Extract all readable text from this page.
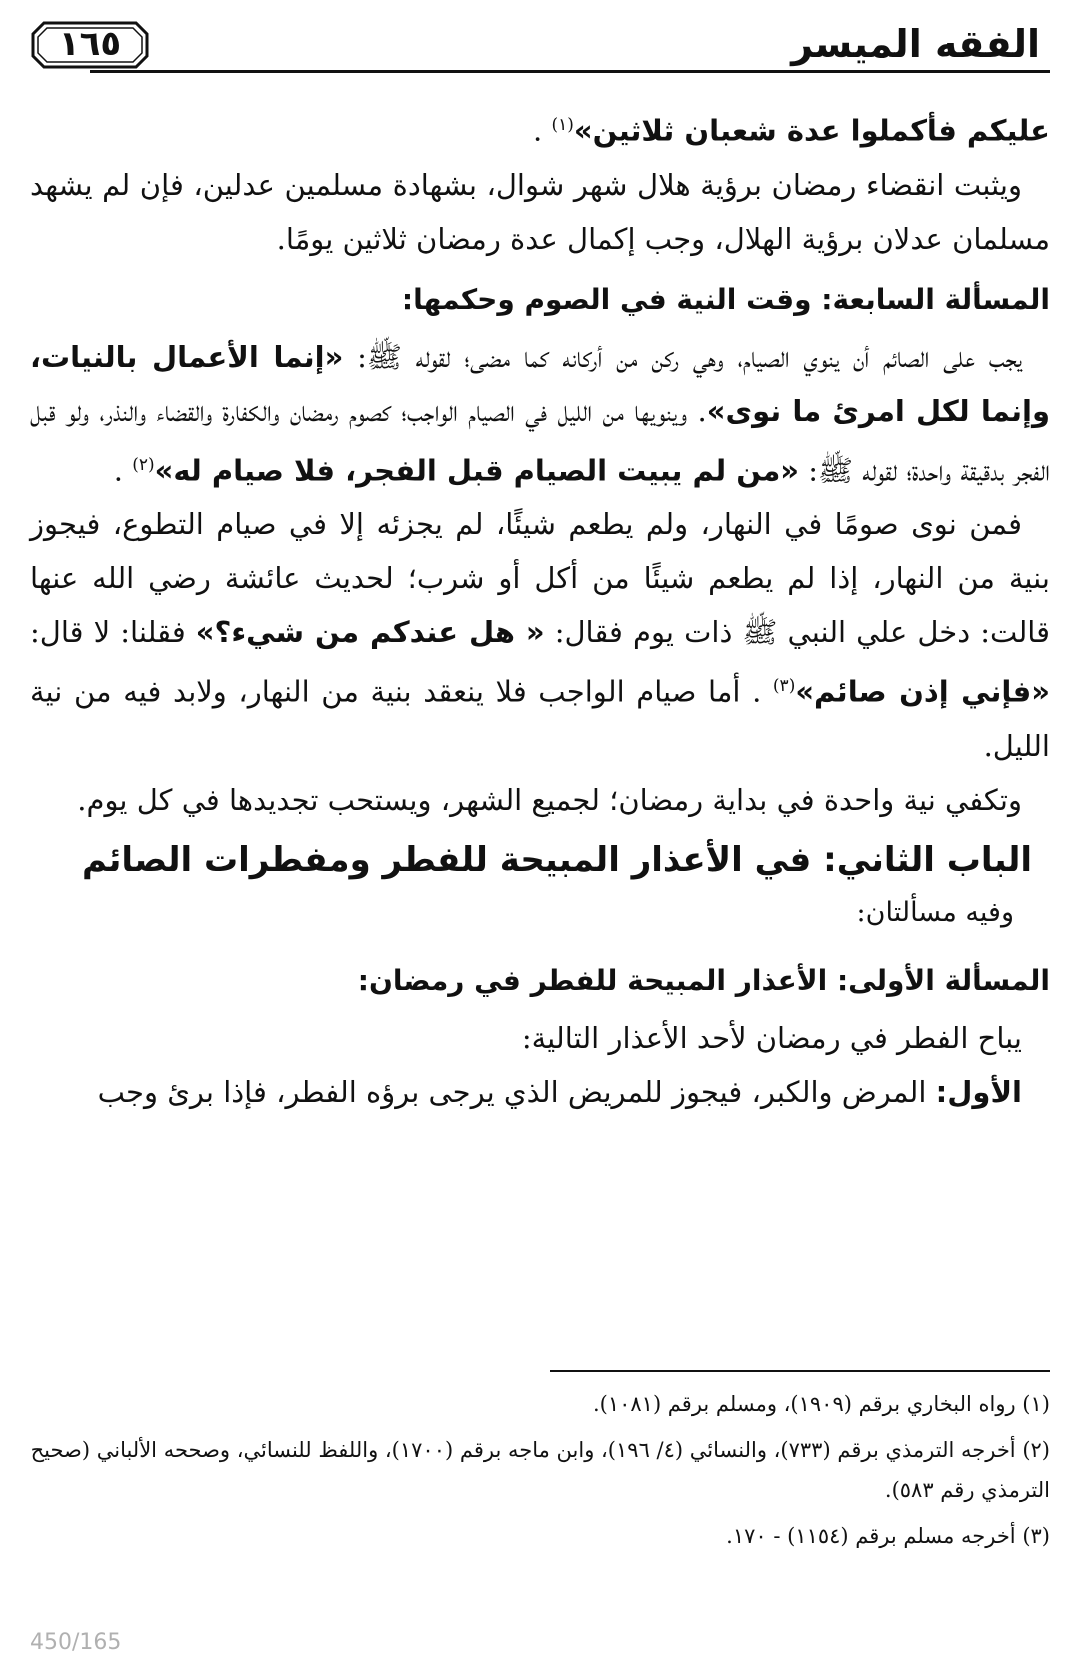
الفقه الميسر
١٦٥

عليكم فأكملوا عدة شعبان ثلاثين»$^{(١)}$ .

ويثبت انقضاء رمضان برؤية هلال شهر شوال، بشهادة مسلمين عدلين، فإن لم يشهد مسلمان عدلان برؤية الهلال، وجب إكمال عدة رمضان ثلاثين يومًا.

المسألة السابعة: وقت النية في الصوم وحكمها:

يجب على الصائم أن ينوي الصيام، وهي ركن من أركانه كما مضى؛ لقوله ﷺ: «إنما الأعمال بالنيات، وإنما لكل امرئ ما نوى». وينويها من الليل في الصيام الواجب؛ كصوم رمضان والكفارة والقضاء والنذر، ولو قبل الفجر بدقيقة واحدة؛ لقوله ﷺ: «من لم يبيت الصيام قبل الفجر، فلا صيام له»$^{(٢)}$ .

فمن نوى صومًا في النهار، ولم يطعم شيئًا، لم يجزئه إلا في صيام التطوع، فيجوز بنية من النهار، إذا لم يطعم شيئًا من أكل أو شرب؛ لحديث عائشة رضي الله عنها قالت: دخل علي النبي ﷺ ذات يوم فقال: « هل عندكم من شيء؟» فقلنا: لا قال: «فإني إذن صائم»$^{(٣)}$ . أما صيام الواجب فلا ينعقد بنية من النهار، ولابد فيه من نية الليل.

وتكفي نية واحدة في بداية رمضان؛ لجميع الشهر، ويستحب تجديدها في كل يوم.

الباب الثاني: في الأعذار المبيحة للفطر ومفطرات الصائم
وفيه مسألتان:
المسألة الأولى: الأعذار المبيحة للفطر في رمضان:

يباح الفطر في رمضان لأحد الأعذار التالية:

الأول: المرض والكبر، فيجوز للمريض الذي يرجى برؤه الفطر، فإذا برئ وجب

(١) رواه البخاري برقم (١٩٠٩)، ومسلم برقم (١٠٨١).

(٢) أخرجه الترمذي برقم (٧٣٣)، والنسائي (٤/ ١٩٦)، وابن ماجه برقم (١٧٠٠)، واللفظ للنسائي، وصححه الألباني (صحيح الترمذي رقم ٥٨٣).

(٣) أخرجه مسلم برقم (١١٥٤) - ١٧٠.

450/165
